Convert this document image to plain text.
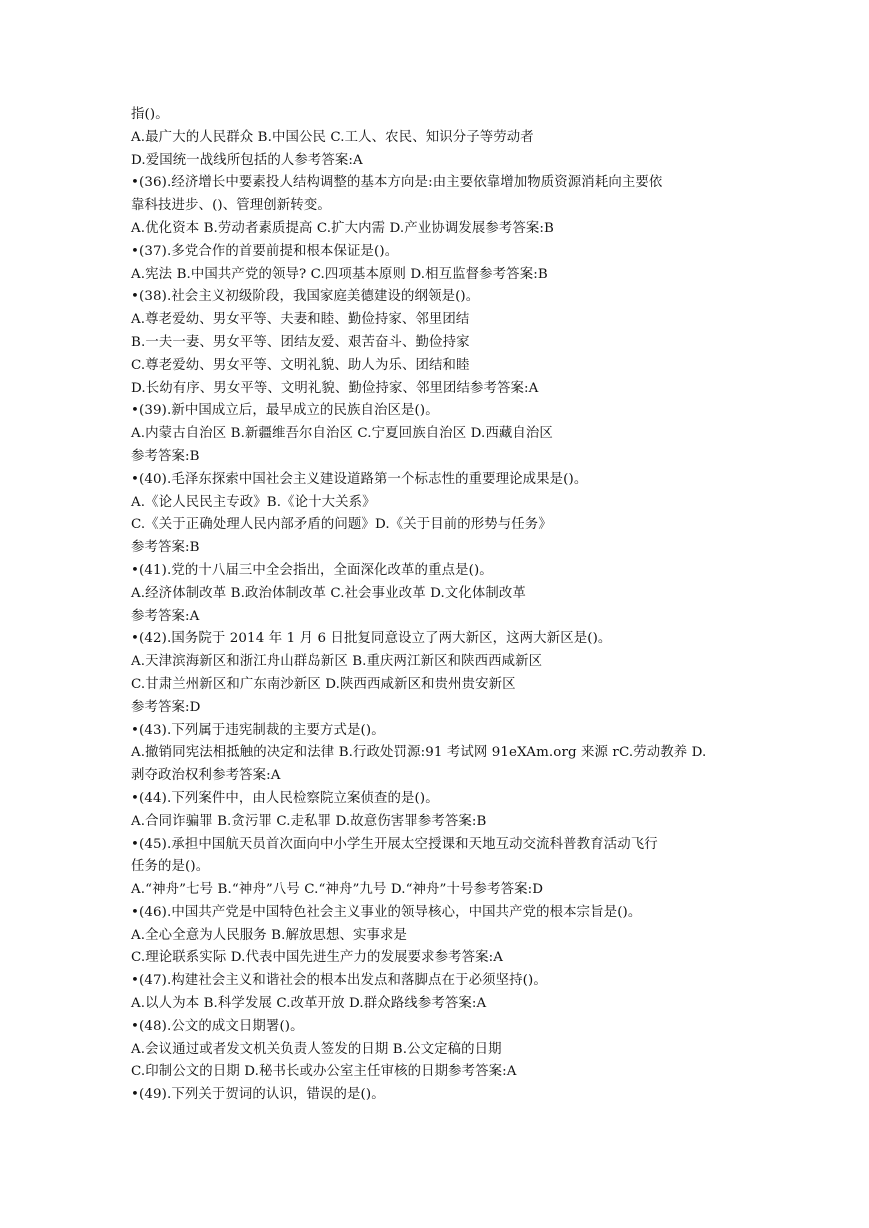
指()。
A.最广大的人民群众 B.中国公民 C.工人、农民、知识分子等劳动者
D.爱国统一战线所包括的人参考答案:A
•(36).经济增长中要素投人结构调整的基本方向是:由主要依靠增加物质资源消耗向主要依
靠科技进步、()、管理创新转变。
A.优化资本 B.劳动者素质提高 C.扩大内需 D.产业协调发展参考答案:B
•(37).多党合作的首要前提和根本保证是()。
A.宪法 B.中国共产党的领导? C.四项基本原则 D.相互监督参考答案:B
•(38).社会主义初级阶段，我国家庭美德建设的纲领是()。
A.尊老爱幼、男女平等、夫妻和睦、勤俭持家、邻里团结
B.一夫一妻、男女平等、团结友爱、艰苦奋斗、勤俭持家
C.尊老爱幼、男女平等、文明礼貌、助人为乐、团结和睦
D.长幼有序、男女平等、文明礼貌、勤俭持家、邻里团结参考答案:A
•(39).新中国成立后，最早成立的民族自治区是()。
A.内蒙古自治区 B.新疆维吾尔自治区 C.宁夏回族自治区 D.西藏自治区
参考答案:B
•(40).毛泽东探索中国社会主义建设道路第一个标志性的重要理论成果是()。
A.《论人民民主专政》B.《论十大关系》
C.《关于正确处理人民内部矛盾的问题》D.《关于目前的形势与任务》
参考答案:B
•(41).党的十八届三中全会指出，全面深化改革的重点是()。
A.经济体制改革 B.政治体制改革 C.社会事业改革 D.文化体制改革
参考答案:A
•(42).国务院于 2014 年 1 月 6 日批复同意设立了两大新区，这两大新区是()。
A.天津滨海新区和浙江舟山群岛新区 B.重庆两江新区和陕西西咸新区
C.甘肃兰州新区和广东南沙新区 D.陕西西咸新区和贵州贵安新区
参考答案:D
•(43).下列属于违宪制裁的主要方式是()。
A.撤销同宪法相抵触的决定和法律 B.行政处罚源:91 考试网 91eXAm.org 来源 rC.劳动教养 D.
剥夺政治权利参考答案:A
•(44).下列案件中，由人民检察院立案侦查的是()。
A.合同诈骗罪 B.贪污罪 C.走私罪 D.故意伤害罪参考答案:B
•(45).承担中国航天员首次面向中小学生开展太空授课和天地互动交流科普教育活动飞行
任务的是()。
A.“神舟”七号 B.“神舟”八号 C.“神舟”九号 D.“神舟”十号参考答案:D
•(46).中国共产党是中国特色社会主义事业的领导核心，中国共产党的根本宗旨是()。
A.全心全意为人民服务 B.解放思想、实事求是
C.理论联系实际 D.代表中国先进生产力的发展要求参考答案:A
•(47).构建社会主义和谐社会的根本出发点和落脚点在于必须坚持()。
A.以人为本 B.科学发展 C.改革开放 D.群众路线参考答案:A
•(48).公文的成文日期署()。
A.会议通过或者发文机关负责人签发的日期 B.公文定稿的日期
C.印制公文的日期 D.秘书长或办公室主任审核的日期参考答案:A
•(49).下列关于贺词的认识，错误的是()。
